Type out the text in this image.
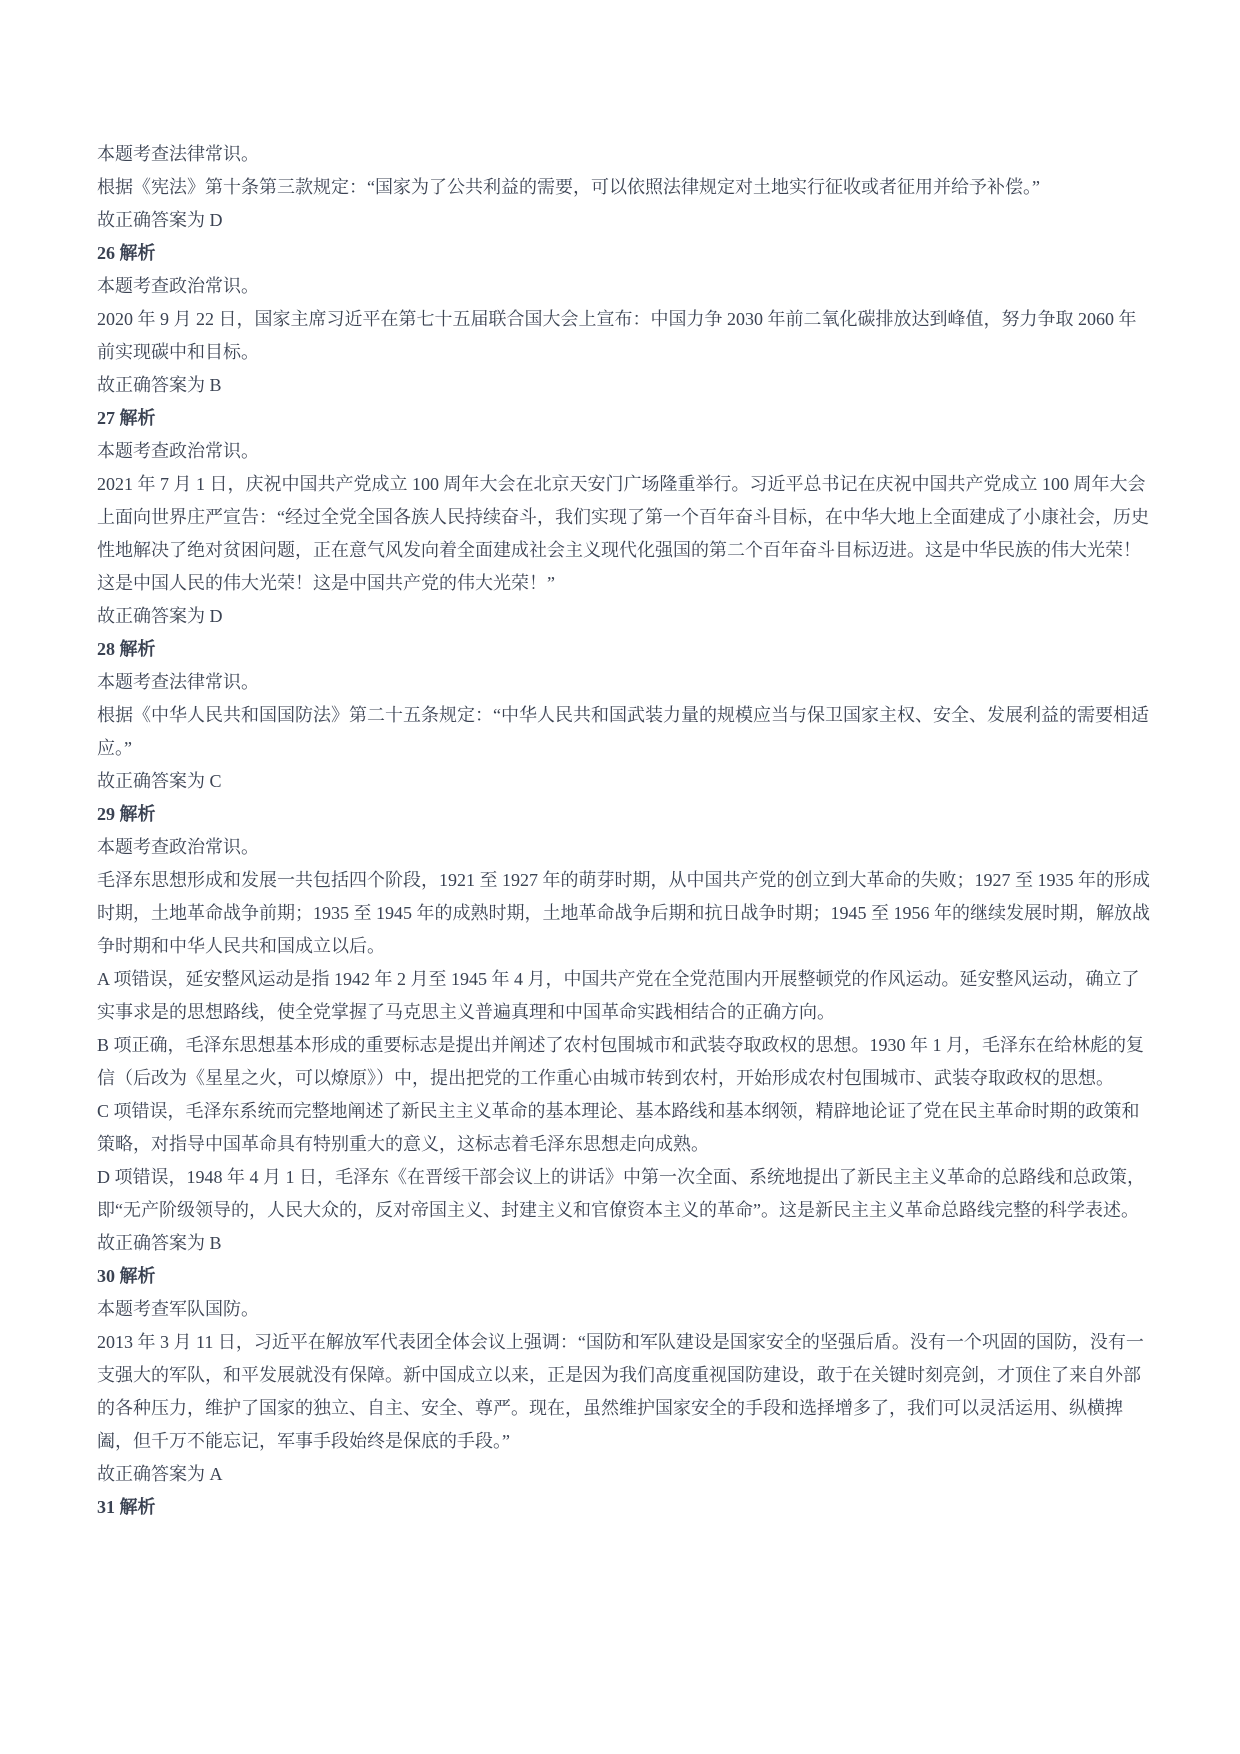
本题考查法律常识。

根据《宪法》第十条第三款规定：“国家为了公共利益的需要，可以依照法律规定对土地实行征收或者征用并给予补偿。”

故正确答案为 D

26 解析

本题考查政治常识。

2020 年 9 月 22 日，国家主席习近平在第七十五届联合国大会上宣布：中国力争 2030 年前二氧化碳排放达到峰值，努力争取 2060 年前实现碳中和目标。

故正确答案为 B

27 解析

本题考查政治常识。

2021 年 7 月 1 日，庆祝中国共产党成立 100 周年大会在北京天安门广场隆重举行。习近平总书记在庆祝中国共产党成立 100 周年大会上面向世界庄严宣告：“经过全党全国各族人民持续奋斗，我们实现了第一个百年奋斗目标，在中华大地上全面建成了小康社会，历史性地解决了绝对贫困问题，正在意气风发向着全面建成社会主义现代化强国的第二个百年奋斗目标迈进。这是中华民族的伟大光荣！这是中国人民的伟大光荣！这是中国共产党的伟大光荣！”

故正确答案为 D

28 解析

本题考查法律常识。

根据《中华人民共和国国防法》第二十五条规定：“中华人民共和国武装力量的规模应当与保卫国家主权、安全、发展利益的需要相适应。”

故正确答案为 C

29 解析

本题考查政治常识。

毛泽东思想形成和发展一共包括四个阶段，1921 至 1927 年的萌芽时期，从中国共产党的创立到大革命的失败；1927 至 1935 年的形成时期，土地革命战争前期；1935 至 1945 年的成熟时期，土地革命战争后期和抗日战争时期；1945 至 1956 年的继续发展时期，解放战争时期和中华人民共和国成立以后。

A 项错误，延安整风运动是指 1942 年 2 月至 1945 年 4 月，中国共产党在全党范围内开展整顿党的作风运动。延安整风运动，确立了实事求是的思想路线，使全党掌握了马克思主义普遍真理和中国革命实践相结合的正确方向。

B 项正确，毛泽东思想基本形成的重要标志是提出并阐述了农村包围城市和武装夺取政权的思想。1930 年 1 月，毛泽东在给林彪的复信（后改为《星星之火，可以燎原》）中，提出把党的工作重心由城市转到农村，开始形成农村包围城市、武装夺取政权的思想。

C 项错误，毛泽东系统而完整地阐述了新民主主义革命的基本理论、基本路线和基本纲领，精辟地论证了党在民主革命时期的政策和策略，对指导中国革命具有特别重大的意义，这标志着毛泽东思想走向成熟。

D 项错误，1948 年 4 月 1 日，毛泽东《在晋绥干部会议上的讲话》中第一次全面、系统地提出了新民主主义革命的总路线和总政策，即“无产阶级领导的，人民大众的，反对帝国主义、封建主义和官僚资本主义的革命”。这是新民主主义革命总路线完整的科学表述。

故正确答案为 B

30 解析

本题考查军队国防。

2013 年 3 月 11 日，习近平在解放军代表团全体会议上强调：“国防和军队建设是国家安全的坚强后盾。没有一个巩固的国防，没有一支强大的军队，和平发展就没有保障。新中国成立以来，正是因为我们高度重视国防建设，敢于在关键时刻亮剑，才顶住了来自外部的各种压力，维护了国家的独立、自主、安全、尊严。现在，虽然维护国家安全的手段和选择增多了，我们可以灵活运用、纵横捭阖，但千万不能忘记，军事手段始终是保底的手段。”

故正确答案为 A

31 解析
